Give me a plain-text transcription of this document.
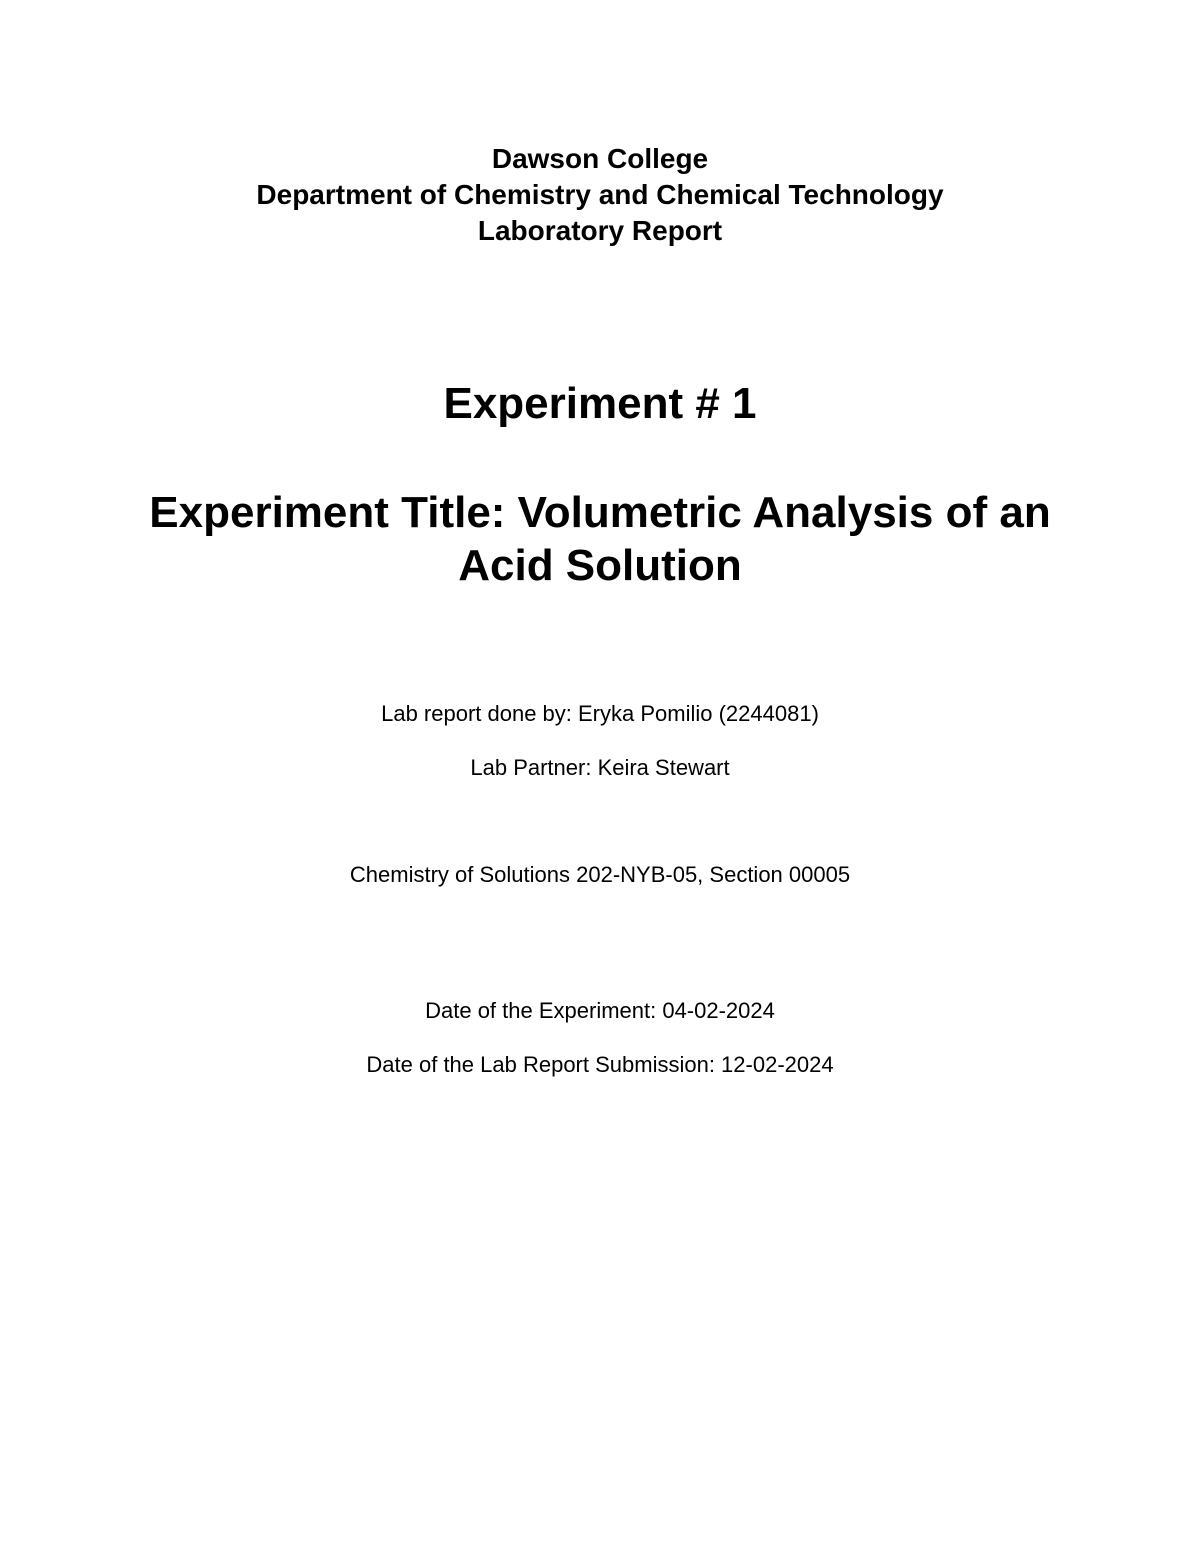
Dawson College
Department of Chemistry and Chemical Technology
Laboratory Report
Experiment # 1
Experiment Title: Volumetric Analysis of an Acid Solution
Lab report done by: Eryka Pomilio (2244081)
Lab Partner: Keira Stewart
Chemistry of Solutions 202-NYB-05, Section 00005
Date of the Experiment: 04-02-2024
Date of the Lab Report Submission: 12-02-2024
